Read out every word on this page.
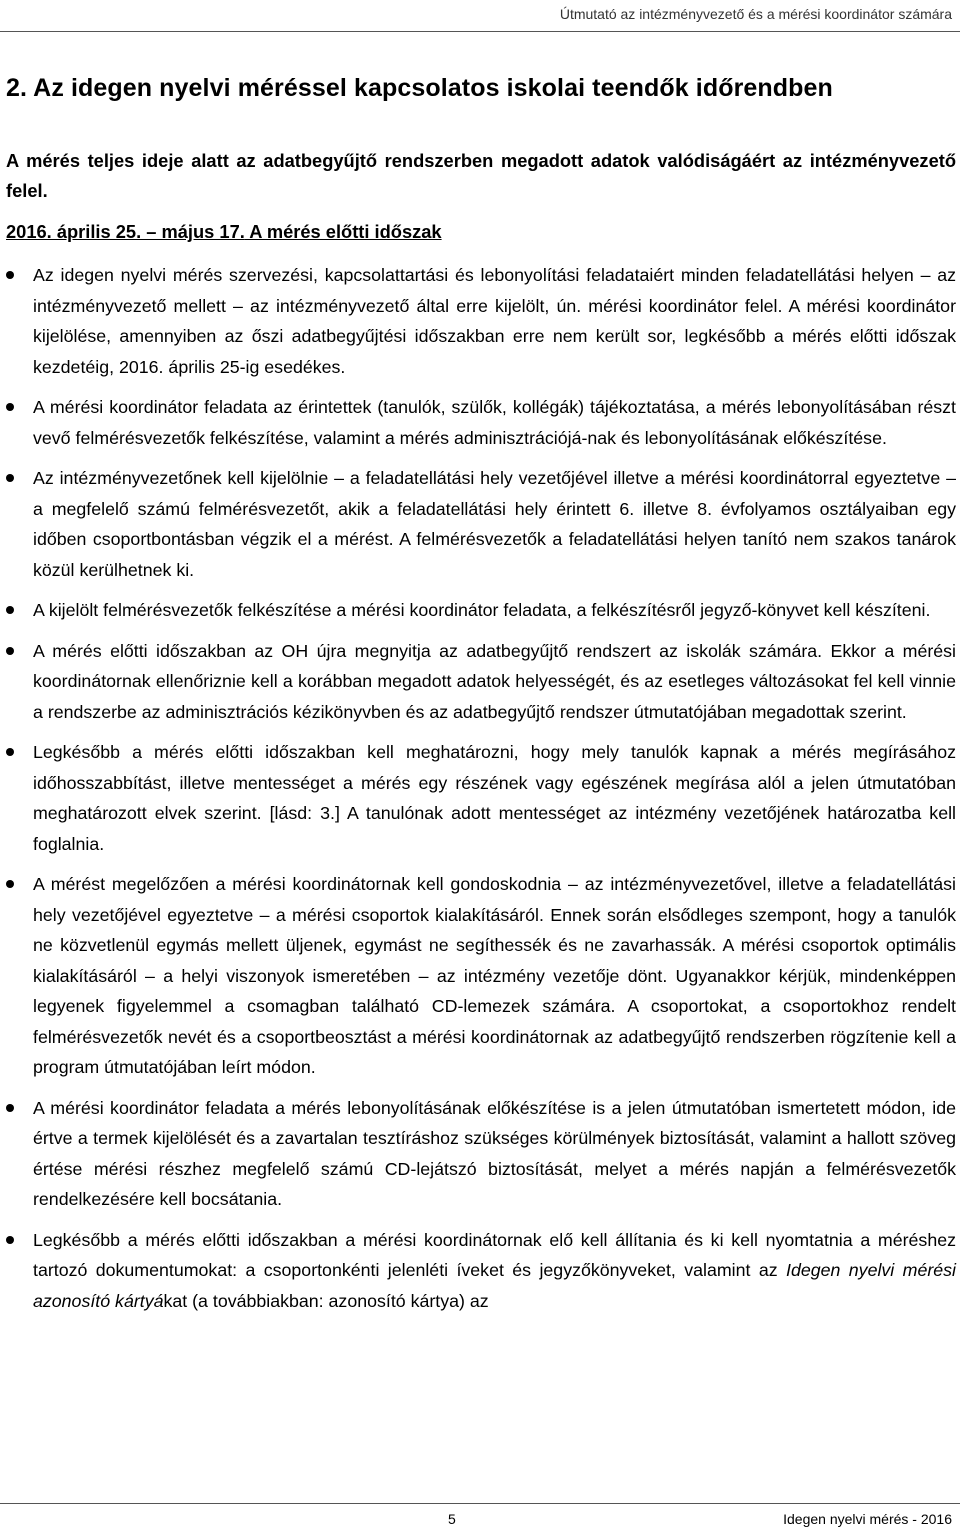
Útmutató az intézményvezető és a mérési koordinátor számára
2. Az idegen nyelvi méréssel kapcsolatos iskolai teendők időrendben

A mérés teljes ideje alatt az adatbegyűjtő rendszerben megadott adatok valódiságáért az intézményvezető felel.

2016. április 25. – május 17. A mérés előtti időszak

Az idegen nyelvi mérés szervezési, kapcsolattartási és lebonyolítási feladataiért minden feladatellátási helyen – az intézményvezető mellett – az intézményvezető által erre kijelölt, ún. mérési koordinátor felel. A mérési koordinátor kijelölése, amennyiben az őszi adatbegyűjtési időszakban erre nem került sor, legkésőbb a mérés előtti időszak kezdetéig, 2016. április 25-ig esedékes.
A mérési koordinátor feladata az érintettek (tanulók, szülők, kollégák) tájékoztatása, a mérés lebonyolításában részt vevő felmérésvezetők felkészítése, valamint a mérés adminisztrációjá-nak és lebonyolításának előkészítése.
Az intézményvezetőnek kell kijelölnie – a feladatellátási hely vezetőjével illetve a mérési koordinátorral egyeztetve – a megfelelő számú felmérésvezetőt, akik a feladatellátási hely érintett 6. illetve 8. évfolyamos osztályaiban egy időben csoportbontásban végzik el a mérést. A felmérésvezetők a feladatellátási helyen tanító nem szakos tanárok közül kerülhetnek ki.
A kijelölt felmérésvezetők felkészítése a mérési koordinátor feladata, a felkészítésről jegyző-könyvet kell készíteni.
A mérés előtti időszakban az OH újra megnyitja az adatbegyűjtő rendszert az iskolák számára. Ekkor a mérési koordinátornak ellenőriznie kell a korábban megadott adatok helyességét, és az esetleges változásokat fel kell vinnie a rendszerbe az adminisztrációs kézikönyvben és az adatbegyűjtő rendszer útmutatójában megadottak szerint.
Legkésőbb a mérés előtti időszakban kell meghatározni, hogy mely tanulók kapnak a mérés megírásához időhosszabbítást, illetve mentességet a mérés egy részének vagy egészének megírása alól a jelen útmutatóban meghatározott elvek szerint. [lásd: 3.] A tanulónak adott mentességet az intézmény vezetőjének határozatba kell foglalnia.
A mérést megelőzően a mérési koordinátornak kell gondoskodnia – az intézményvezetővel, illetve a feladatellátási hely vezetőjével egyeztetve – a mérési csoportok kialakításáról. Ennek során elsődleges szempont, hogy a tanulók ne közvetlenül egymás mellett üljenek, egymást ne segíthessék és ne zavarhassák. A mérési csoportok optimális kialakításáról – a helyi viszonyok ismeretében – az intézmény vezetője dönt. Ugyanakkor kérjük, mindenképpen legyenek figyelemmel a csomagban található CD-lemezek számára. A csoportokat, a csoportokhoz rendelt felmérésvezetők nevét és a csoportbeosztást a mérési koordinátornak az adatbegyűjtő rendszerben rögzítenie kell a program útmutatójában leírt módon.
A mérési koordinátor feladata a mérés lebonyolításának előkészítése is a jelen útmutatóban ismertetett módon, ide értve a termek kijelölését és a zavartalan tesztíráshoz szükséges körülmények biztosítását, valamint a hallott szöveg értése mérési részhez megfelelő számú CD-lejátszó biztosítását, melyet a mérés napján a felmérésvezetők rendelkezésére kell bocsátania.
Legkésőbb a mérés előtti időszakban a mérési koordinátornak elő kell állítania és ki kell nyomtatnia a méréshez tartozó dokumentumokat: a csoportonkénti jelenléti íveket és jegyzőkönyveket, valamint az Idegen nyelvi mérési azonosító kártyákat (a továbbiakban: azonosító kártya) az
5	Idegen nyelvi mérés - 2016
